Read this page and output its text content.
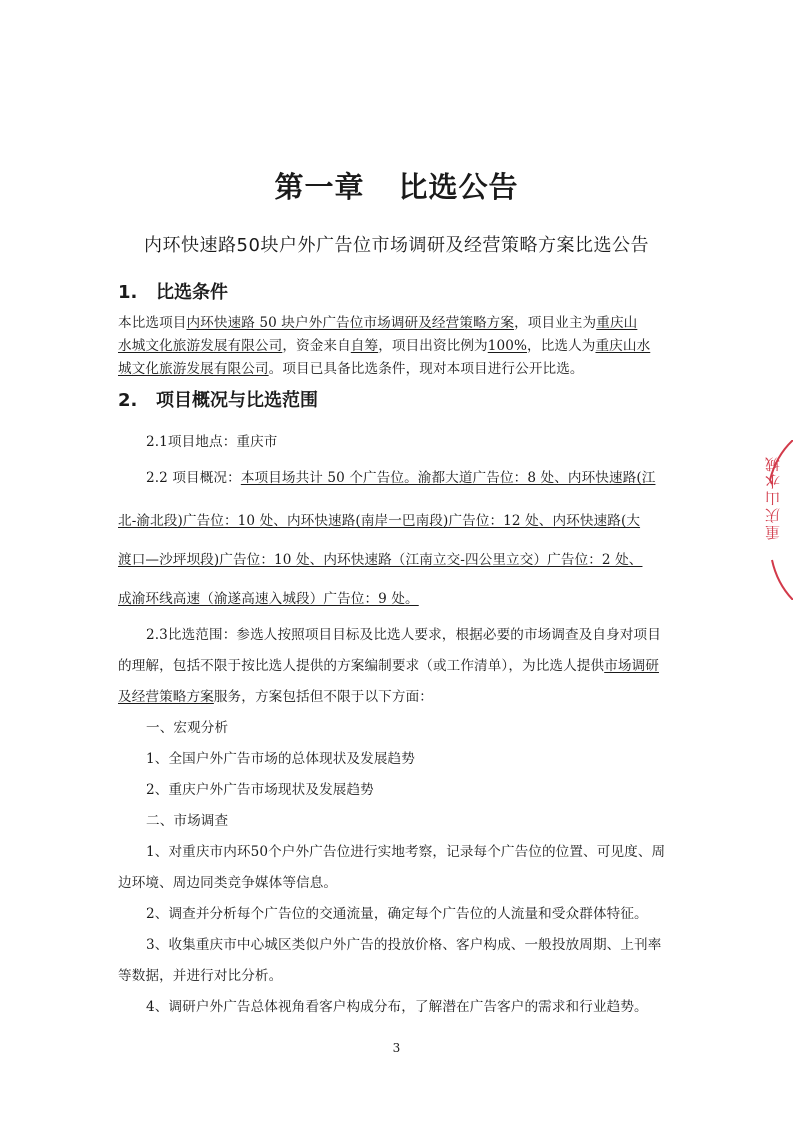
第一章 比选公告
内环快速路50块户外广告位市场调研及经营策略方案比选公告
1. 比选条件
本比选项目内环快速路 50 块户外广告位市场调研及经营策略方案，项目业主为重庆山
水城文化旅游发展有限公司，资金来自自筹，项目出资比例为100%，比选人为重庆山水
城文化旅游发展有限公司。项目已具备比选条件，现对本项目进行公开比选。
2. 项目概况与比选范围
2.1项目地点：重庆市
2.2 项目概况：本项目场共计 50 个广告位。渝都大道广告位：8 处、内环快速路(江
北-渝北段)广告位：10 处、内环快速路(南岸一巴南段)广告位：12 处、内环快速路(大
渡口—沙坪坝段)广告位：10 处、内环快速路（江南立交-四公里立交）广告位：2 处、
成渝环线高速（渝遂高速入城段）广告位：9 处。
2.3比选范围：参选人按照项目目标及比选人要求，根据必要的市场调查及自身对项目
的理解，包括不限于按比选人提供的方案编制要求（或工作清单），为比选人提供市场调研
及经营策略方案服务，方案包括但不限于以下方面：
一、宏观分析
1、全国户外广告市场的总体现状及发展趋势
2、重庆户外广告市场现状及发展趋势
二、市场调查
1、对重庆市内环50个户外广告位进行实地考察，记录每个广告位的位置、可见度、周
边环境、周边同类竞争媒体等信息。
2、调查并分析每个广告位的交通流量，确定每个广告位的人流量和受众群体特征。
3、收集重庆市中心城区类似户外广告的投放价格、客户构成、一般投放周期、上刊率
等数据，并进行对比分析。
4、调研户外广告总体视角看客户构成分布，了解潜在广告客户的需求和行业趋势。
3
重庆山水城
